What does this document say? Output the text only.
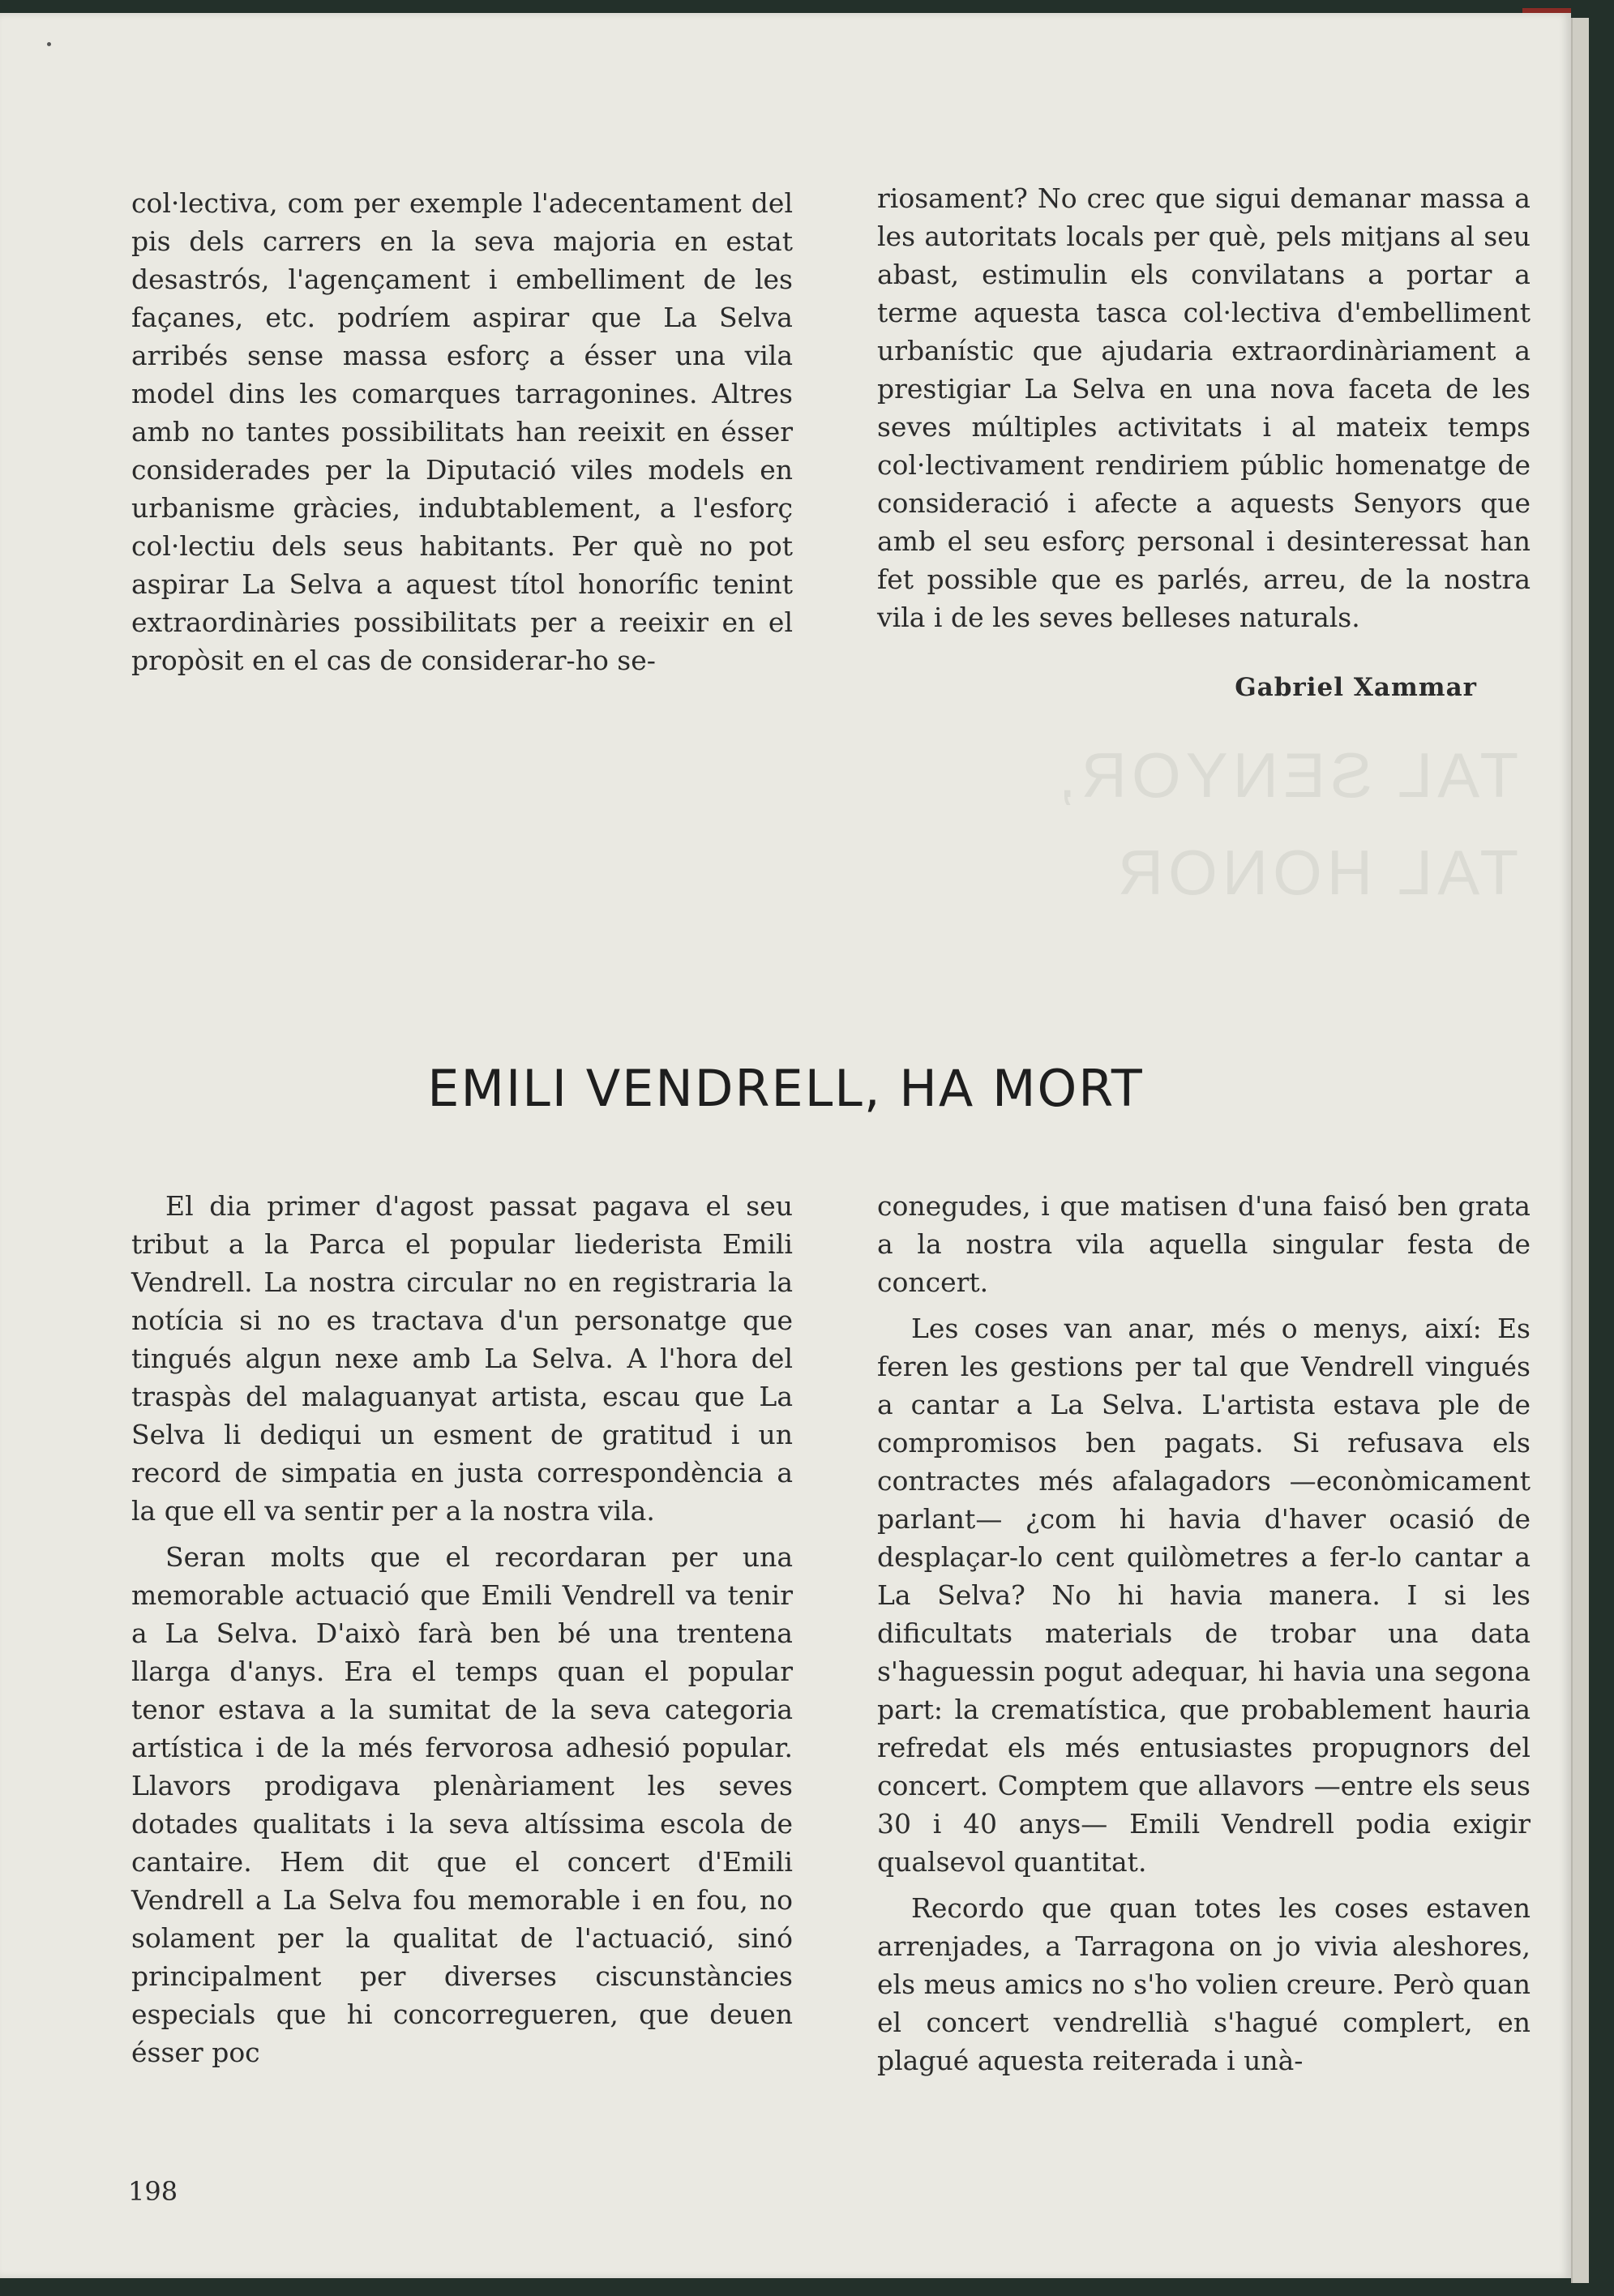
col·lectiva, com per exemple l'adecentament del pis dels carrers en la seva majoria en estat desastrós, l'agençament i embelliment de les façanes, etc. podríem aspirar que La Selva arribés sense massa esforç a ésser una vila model dins les comarques tarragonines. Altres amb no tantes possibilitats han reeixit en ésser considerades per la Diputació viles models en urbanisme gràcies, indubtablement, a l'esforç col·lectiu dels seus habitants. Per què no pot aspirar La Selva a aquest títol honorífic tenint extraordinàries possibilitats per a reeixir en el propòsit en el cas de considerar-ho se-

riosament? No crec que sigui demanar massa a les autoritats locals per què, pels mitjans al seu abast, estimulin els convilatans a portar a terme aquesta tasca col·lectiva d'embelliment urbanístic que ajudaria extraordinàriament a prestigiar La Selva en una nova faceta de les seves múltiples activitats i al mateix temps col·lectivament rendiriem públic homenatge de consideració i afecte a aquests Senyors que amb el seu esforç personal i desinteressat han fet possible que es parlés, arreu, de la nostra vila i de les seves belleses naturals.

Gabriel Xammar
TAL SENYOR,
TAL HONOR
EMILI VENDRELL, HA MORT

El dia primer d'agost passat pagava el seu tribut a la Parca el popular liederista Emili Vendrell. La nostra circular no en registraria la notícia si no es tractava d'un personatge que tingués algun nexe amb La Selva. A l'hora del traspàs del malaguanyat artista, escau que La Selva li dediqui un esment de gratitud i un record de simpatia en justa correspondència a la que ell va sentir per a la nostra vila.

Seran molts que el recordaran per una memorable actuació que Emili Vendrell va tenir a La Selva. D'això farà ben bé una trentena llarga d'anys. Era el temps quan el popular tenor estava a la sumitat de la seva categoria artística i de la més fervorosa adhesió popular. Llavors prodigava plenàriament les seves dotades qualitats i la seva altíssima escola de cantaire. Hem dit que el concert d'Emili Vendrell a La Selva fou memorable i en fou, no solament per la qualitat de l'actuació, sinó principalment per diverses ciscunstàncies especials que hi concorregueren, que deuen ésser poc

conegudes, i que matisen d'una faisó ben grata a la nostra vila aquella singular festa de concert.

Les coses van anar, més o menys, així: Es feren les gestions per tal que Vendrell vingués a cantar a La Selva. L'artista estava ple de compromisos ben pagats. Si refusava els contractes més afalagadors —econòmicament parlant— ¿com hi havia d'haver ocasió de desplaçar-lo cent quilòmetres a fer-lo cantar a La Selva? No hi havia manera. I si les dificultats materials de trobar una data s'haguessin pogut adequar, hi havia una segona part: la crematística, que probablement hauria refredat els més entusiastes propugnors del concert. Comptem que allavors —entre els seus 30 i 40 anys— Emili Vendrell podia exigir qualsevol quantitat.

Recordo que quan totes les coses estaven arrenjades, a Tarragona on jo vivia aleshores, els meus amics no s'ho volien creure. Però quan el concert vendrellià s'hagué complert, en plagué aquesta reiterada i unà-

198
